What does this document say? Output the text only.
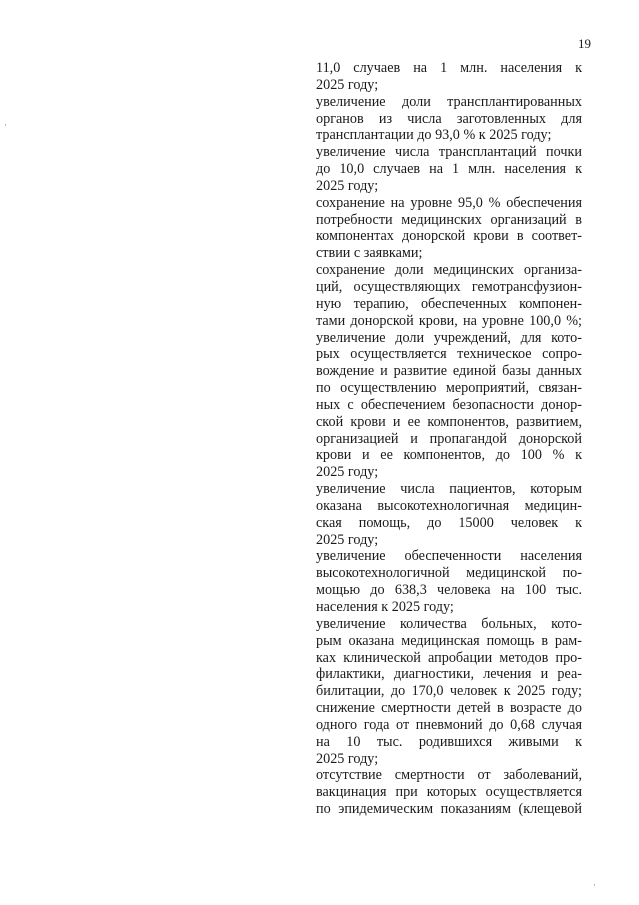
19
11,0 случаев на 1 млн. населения к
2025 году;
увеличение доли трансплантированных
органов из числа заготовленных для
трансплантации до 93,0 % к 2025 году;
увеличение числа трансплантаций почки
до 10,0 случаев на 1 млн. населения к
2025 году;
сохранение на уровне 95,0 % обеспечения
потребности медицинских организаций в
компонентах донорской крови в соответ-
ствии с заявками;
сохранение доли медицинских организа-
ций, осуществляющих гемотрансфузион-
ную терапию, обеспеченных компонен-
тами донорской крови, на уровне 100,0 %;
увеличение доли учреждений, для кото-
рых осуществляется техническое сопро-
вождение и развитие единой базы данных
по осуществлению мероприятий, связан-
ных с обеспечением безопасности донор-
ской крови и ее компонентов, развитием,
организацией и пропагандой донорской
крови и ее компонентов, до 100 % к
2025 году;
увеличение числа пациентов, которым
оказана высокотехнологичная медицин-
ская помощь, до 15000 человек к
2025 году;
увеличение обеспеченности населения
высокотехнологичной медицинской по-
мощью до 638,3 человека на 100 тыс.
населения к 2025 году;
увеличение количества больных, кото-
рым оказана медицинская помощь в рам-
ках клинической апробации методов про-
филактики, диагностики, лечения и реа-
билитации, до 170,0 человек к 2025 году;
снижение смертности детей в возрасте до
одного года от пневмоний до 0,68 случая
на 10 тыс. родившихся живыми к
2025 году;
отсутствие смертности от заболеваний,
вакцинация при которых осуществляется
по эпидемическим показаниям (клещевой
·
·
